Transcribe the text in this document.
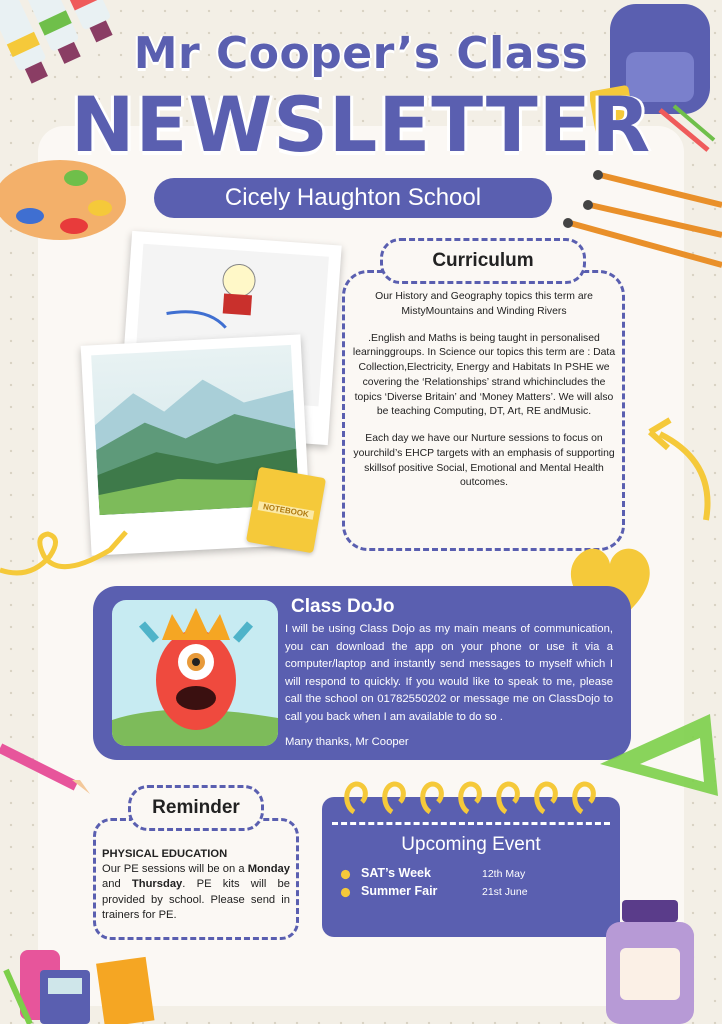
Mr Cooper’s Class
NEWSLETTER
Cicely Haughton School
NOTEBOOK
Curriculum

Our History and Geography topics this term are MistyMountains and Winding Rivers

.English and Maths is being taught in personalised learninggroups. In Science our topics this term are : Data Collection,Electricity, Energy and Habitats In PSHE we covering the ‘Relationships’ strand whichincludes the topics ‘Diverse Britain’ and ‘Money Matters’. We will also be teaching Computing, DT, Art, RE andMusic.

Each day we have our Nurture sessions to focus on yourchild’s EHCP targets with an emphasis of supporting skillsof positive Social, Emotional and Mental Health outcomes.

Class DoJo
I will be using Class Dojo as my main means of communication, you can download the app on your phone or use it via a computer/laptop and instantly send messages to myself which I will respond to quickly. If you would like to speak to me, please call the school on 01782550202 or message me on ClassDojo to call you back when I am available to do so .
Many thanks, Mr Cooper
Reminder
PHYSICAL EDUCATION
Our PE sessions will be on a Monday and Thursday. PE kits will be provided by school. Please send in trainers for PE.
Upcoming Event
SAT’s Week	12th May
Summer Fair	21st June
